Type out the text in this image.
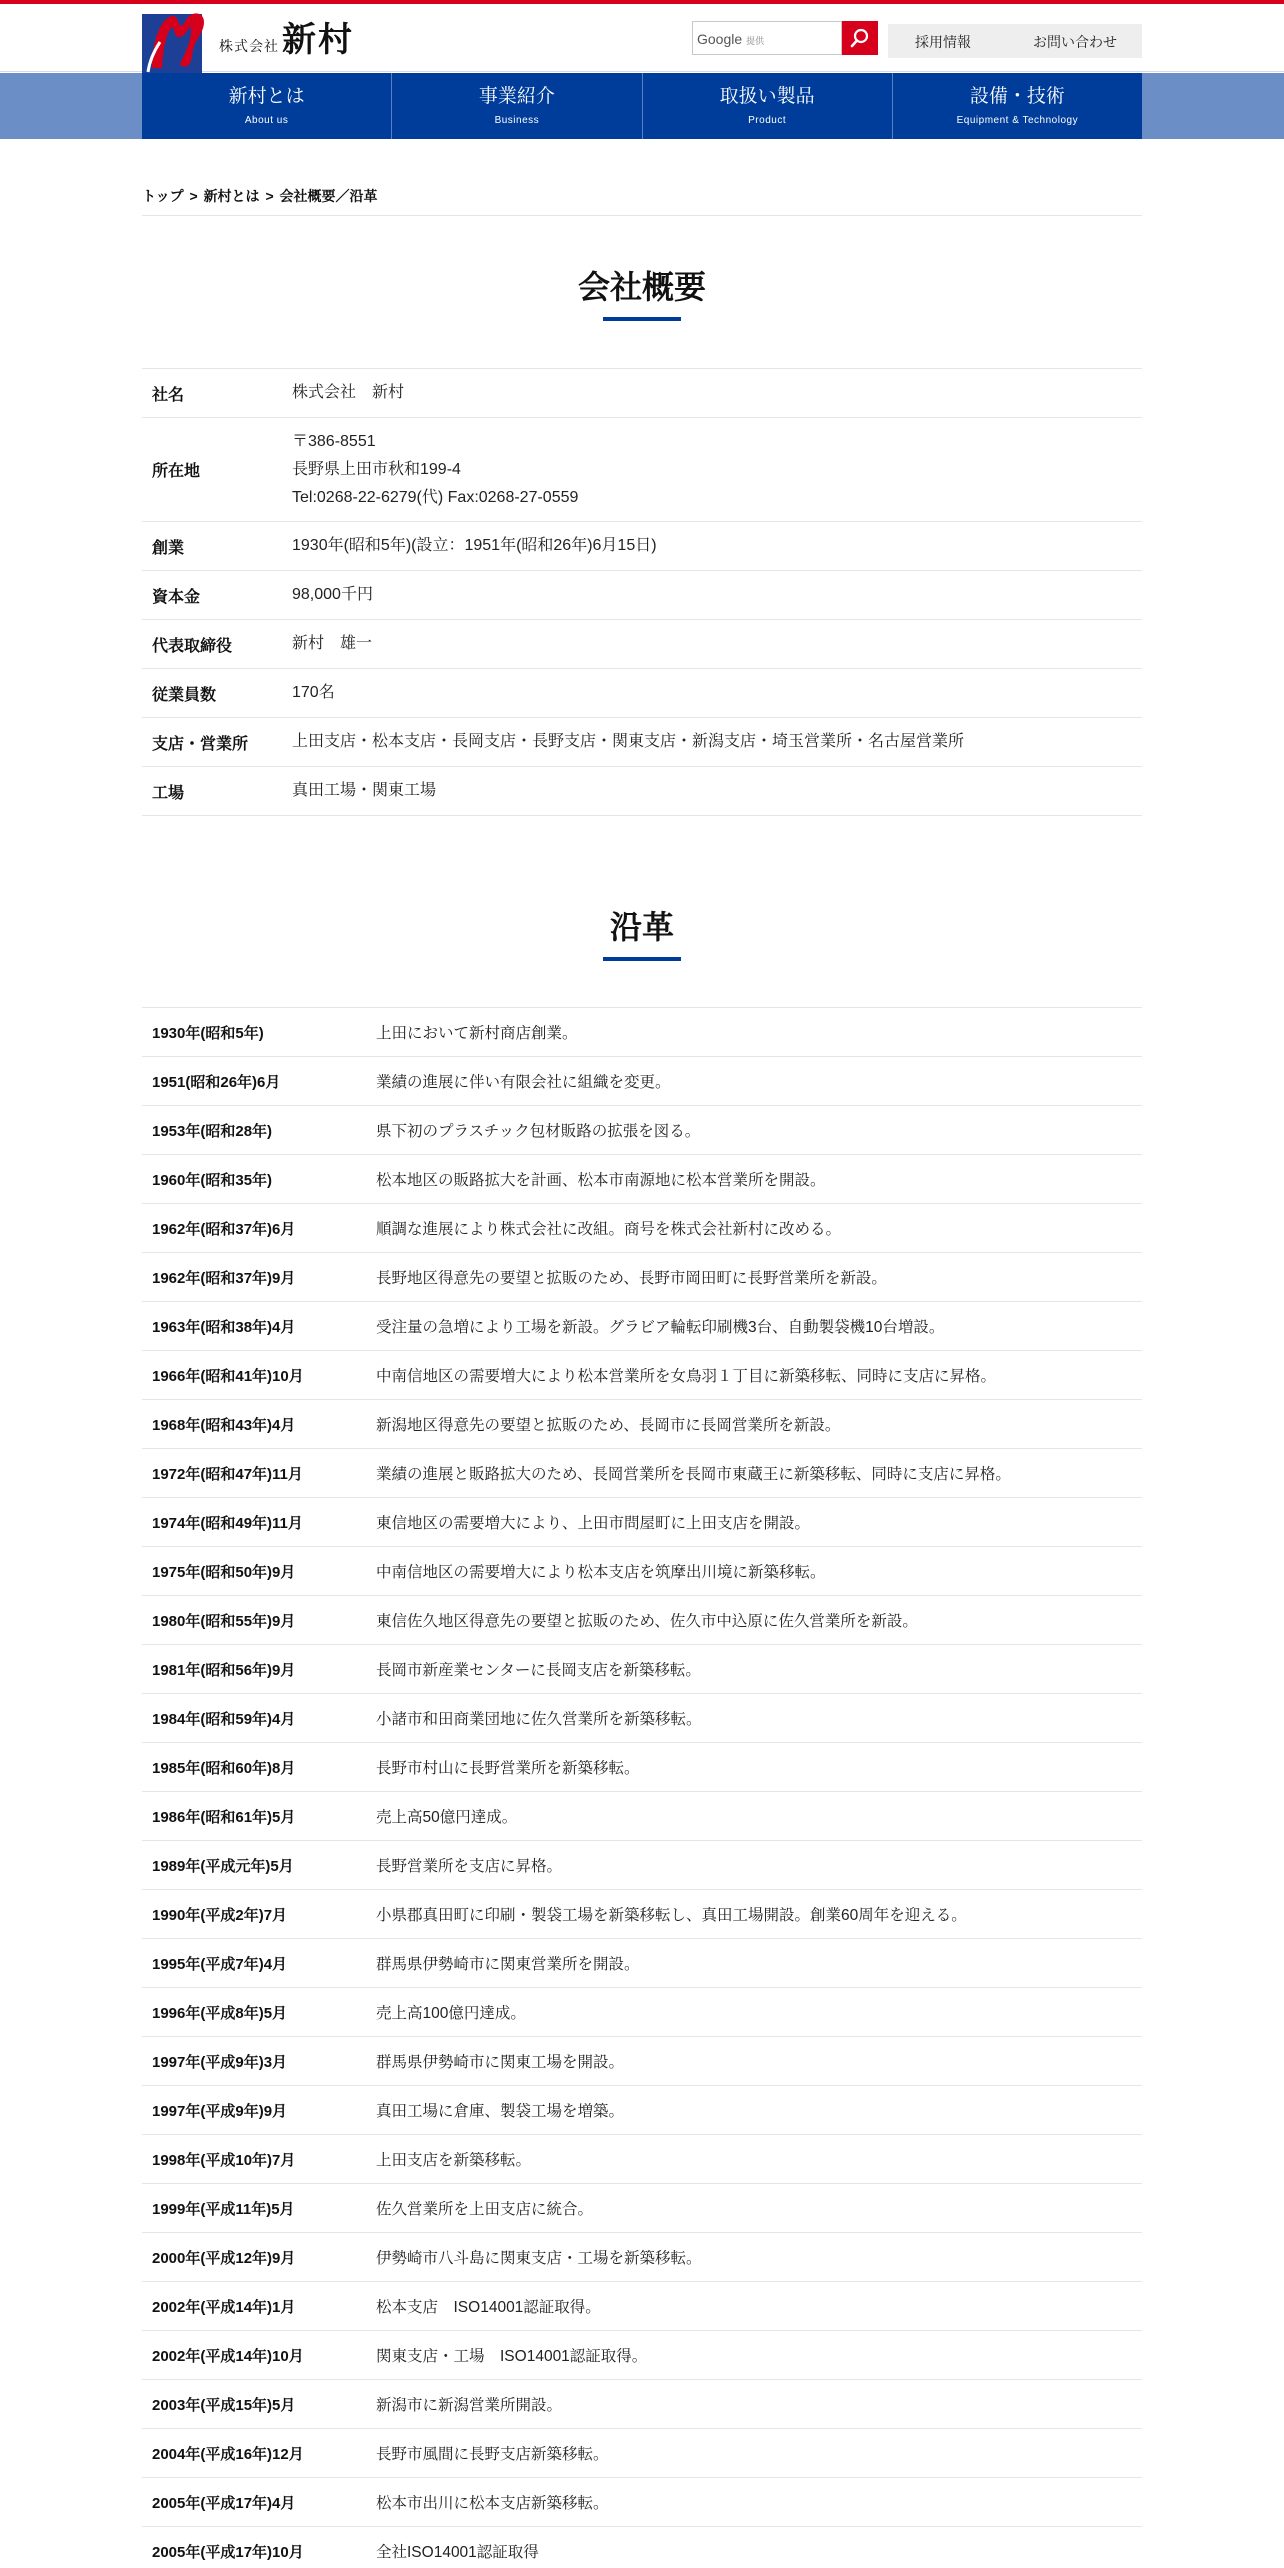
株式会社 新村	Google 提供	採用情報	お問い合わせ
新村とは
About us
事業紹介
Business
取扱い製品
Product
設備・技術
Equipment & Technology
トップ > 新村とは > 会社概要／沿革
会社概要
社名	株式会社　新村
所在地
〒386-8551
長野県上田市秋和199-4
Tel:0268-22-6279(代) Fax:0268-27-0559
創業	1930年(昭和5年)(設立：1951年(昭和26年)6月15日)
資本金	98,000千円
代表取締役	新村　雄一
従業員数	170名
支店・営業所	上田支店・松本支店・長岡支店・長野支店・関東支店・新潟支店・埼玉営業所・名古屋営業所
工場	真田工場・関東工場
沿革
1930年(昭和5年)	上田において新村商店創業。
1951(昭和26年)6月	業績の進展に伴い有限会社に組織を変更。
1953年(昭和28年)	県下初のプラスチック包材販路の拡張を図る。
1960年(昭和35年)	松本地区の販路拡大を計画、松本市南源地に松本営業所を開設。
1962年(昭和37年)6月	順調な進展により株式会社に改組。商号を株式会社新村に改める。
1962年(昭和37年)9月	長野地区得意先の要望と拡販のため、長野市岡田町に長野営業所を新設。
1963年(昭和38年)4月	受注量の急増により工場を新設。グラビア輪転印刷機3台、自動製袋機10台増設。
1966年(昭和41年)10月	中南信地区の需要増大により松本営業所を女鳥羽１丁目に新築移転、同時に支店に昇格。
1968年(昭和43年)4月	新潟地区得意先の要望と拡販のため、長岡市に長岡営業所を新設。
1972年(昭和47年)11月	業績の進展と販路拡大のため、長岡営業所を長岡市東蔵王に新築移転、同時に支店に昇格。
1974年(昭和49年)11月	東信地区の需要増大により、上田市問屋町に上田支店を開設。
1975年(昭和50年)9月	中南信地区の需要増大により松本支店を筑摩出川境に新築移転。
1980年(昭和55年)9月	東信佐久地区得意先の要望と拡販のため、佐久市中込原に佐久営業所を新設。
1981年(昭和56年)9月	長岡市新産業センターに長岡支店を新築移転。
1984年(昭和59年)4月	小諸市和田商業団地に佐久営業所を新築移転。
1985年(昭和60年)8月	長野市村山に長野営業所を新築移転。
1986年(昭和61年)5月	売上高50億円達成。
1989年(平成元年)5月	長野営業所を支店に昇格。
1990年(平成2年)7月	小県郡真田町に印刷・製袋工場を新築移転し、真田工場開設。創業60周年を迎える。
1995年(平成7年)4月	群馬県伊勢崎市に関東営業所を開設。
1996年(平成8年)5月	売上高100億円達成。
1997年(平成9年)3月	群馬県伊勢崎市に関東工場を開設。
1997年(平成9年)9月	真田工場に倉庫、製袋工場を増築。
1998年(平成10年)7月	上田支店を新築移転。
1999年(平成11年)5月	佐久営業所を上田支店に統合。
2000年(平成12年)9月	伊勢崎市八斗島に関東支店・工場を新築移転。
2002年(平成14年)1月	松本支店　ISO14001認証取得。
2002年(平成14年)10月	関東支店・工場　ISO14001認証取得。
2003年(平成15年)5月	新潟市に新潟営業所開設。
2004年(平成16年)12月	長野市風間に長野支店新築移転。
2005年(平成17年)4月	松本市出川に松本支店新築移転。
2005年(平成17年)10月	全社ISO14001認証取得
